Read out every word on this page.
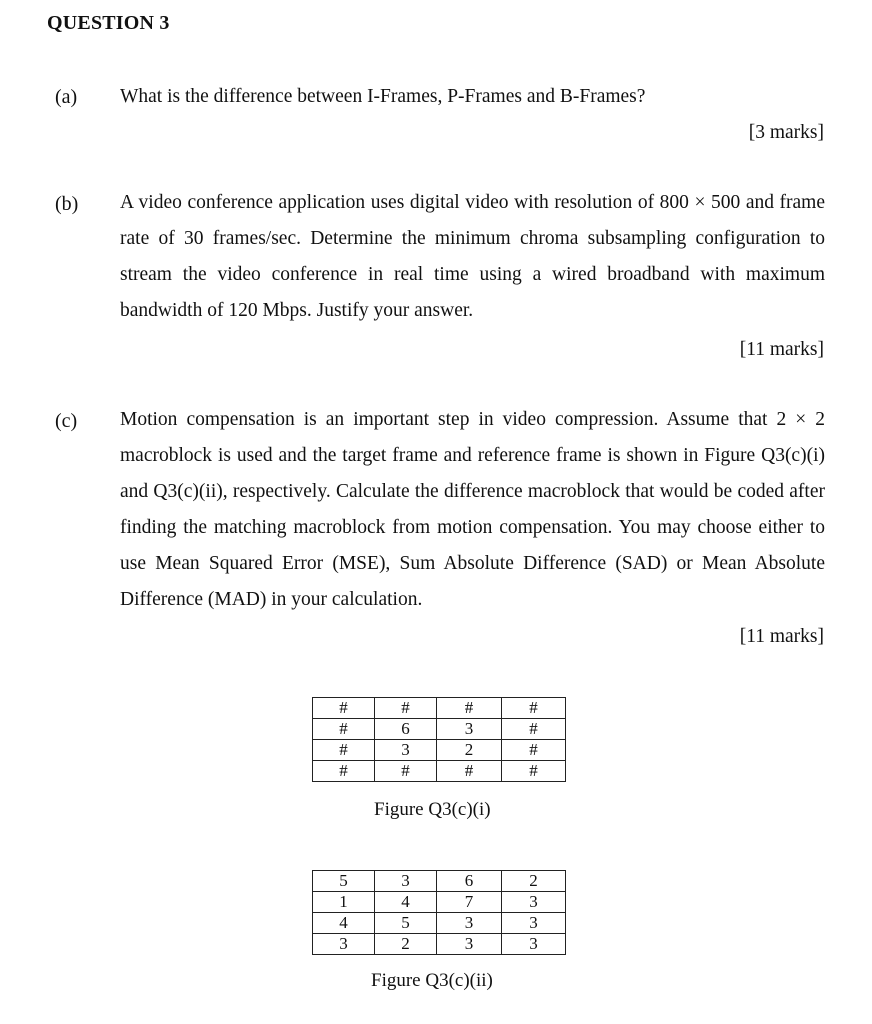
QUESTION 3
(a) What is the difference between I-Frames, P-Frames and B-Frames?
[3 marks]
(b) A video conference application uses digital video with resolution of 800 × 500 and frame rate of 30 frames/sec. Determine the minimum chroma subsampling configuration to stream the video conference in real time using a wired broadband with maximum bandwidth of 120 Mbps. Justify your answer.
[11 marks]
(c) Motion compensation is an important step in video compression. Assume that 2 × 2 macroblock is used and the target frame and reference frame is shown in Figure Q3(c)(i) and Q3(c)(ii), respectively. Calculate the difference macroblock that would be coded after finding the matching macroblock from motion compensation. You may choose either to use Mean Squared Error (MSE), Sum Absolute Difference (SAD) or Mean Absolute Difference (MAD) in your calculation.
[11 marks]
#	#	#	#
#	6	3	#
#	3	2	#
#	#	#	#
Figure Q3(c)(i)
5	3	6	2
1	4	7	3
4	5	3	3
3	2	3	3
Figure Q3(c)(ii)
